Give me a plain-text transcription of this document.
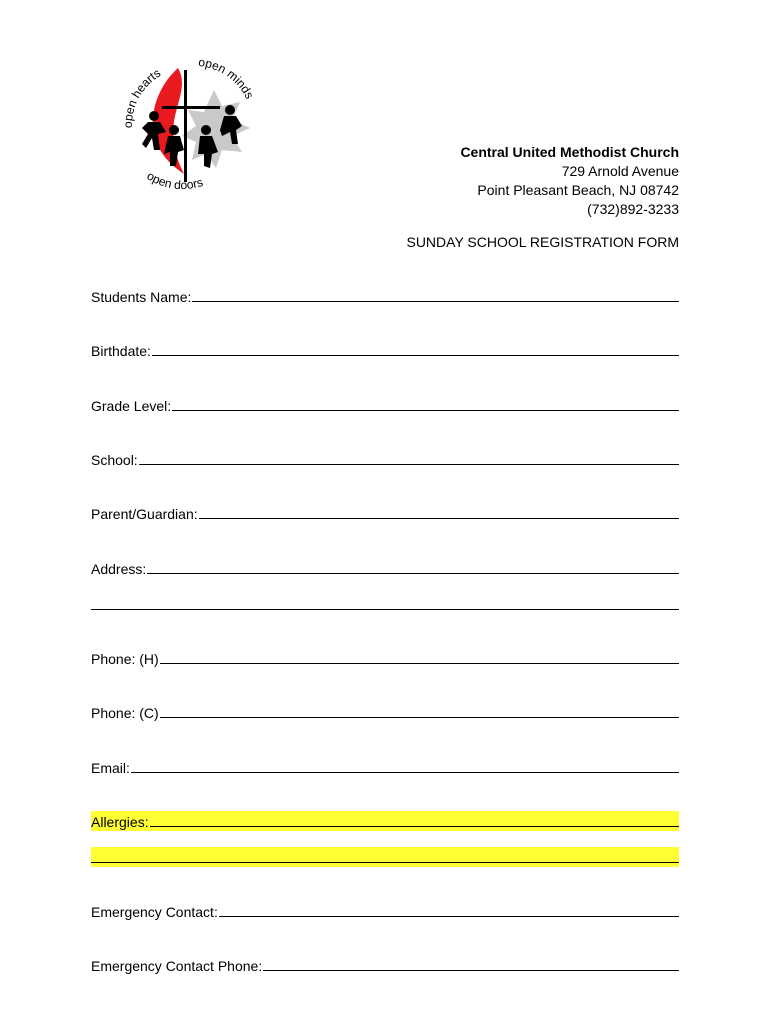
open hearts
open minds
open doors
Central United Methodist Church
729 Arnold Avenue
Point Pleasant Beach, NJ 08742
(732)892-3233
SUNDAY SCHOOL REGISTRATION FORM
Students Name:
Birthdate:
Grade Level:
School:
Parent/Guardian:
Address:
Phone: (H)
Phone: (C)
Email:
Allergies:
Emergency Contact:
Emergency Contact Phone:
